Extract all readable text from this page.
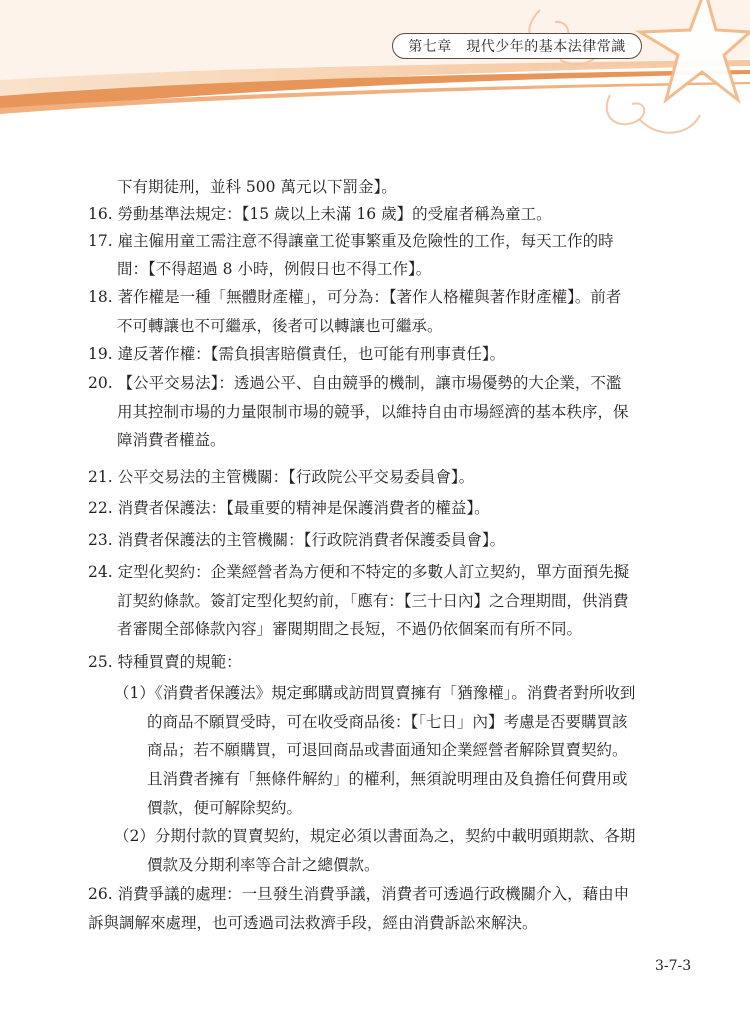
第七章　現代少年的基本法律常識
下有期徒刑，並科 500 萬元以下罰金】。
16. 勞動基準法規定：【15 歲以上未滿 16 歲】的受雇者稱為童工。
17. 雇主僱用童工需注意不得讓童工從事繁重及危險性的工作，每天工作的時
間：【不得超過 8 小時，例假日也不得工作】。
18. 著作權是一種「無體財產權」，可分為：【著作人格權與著作財產權】。前者
不可轉讓也不可繼承，後者可以轉讓也可繼承。
19. 違反著作權：【需負損害賠償責任，也可能有刑事責任】。
20. 【公平交易法】：透過公平、自由競爭的機制，讓市場優勢的大企業，不濫
用其控制市場的力量限制市場的競爭，以維持自由市場經濟的基本秩序，保
障消費者權益。
21. 公平交易法的主管機關：【行政院公平交易委員會】。
22. 消費者保護法：【最重要的精神是保護消費者的權益】。
23. 消費者保護法的主管機關：【行政院消費者保護委員會】。
24. 定型化契約：企業經營者為方便和不特定的多數人訂立契約，單方面預先擬
訂契約條款。簽訂定型化契約前，「應有：【三十日內】之合理期間，供消費
者審閱全部條款內容」審閱期間之長短，不過仍依個案而有所不同。
25. 特種買賣的規範：
（1）《消費者保護法》規定郵購或訪問買賣擁有「猶豫權」。消費者對所收到
的商品不願買受時，可在收受商品後：【「七日」內】考慮是否要購買該
商品；若不願購買，可退回商品或書面通知企業經營者解除買賣契約。
且消費者擁有「無條件解約」的權利，無須說明理由及負擔任何費用或
價款，便可解除契約。
（2）分期付款的買賣契約，規定必須以書面為之，契約中載明頭期款、各期
價款及分期利率等合計之總價款。
26. 消費爭議的處理：一旦發生消費爭議，消費者可透過行政機關介入，藉由申
訴與調解來處理，也可透過司法救濟手段，經由消費訴訟來解決。
3-7-3
